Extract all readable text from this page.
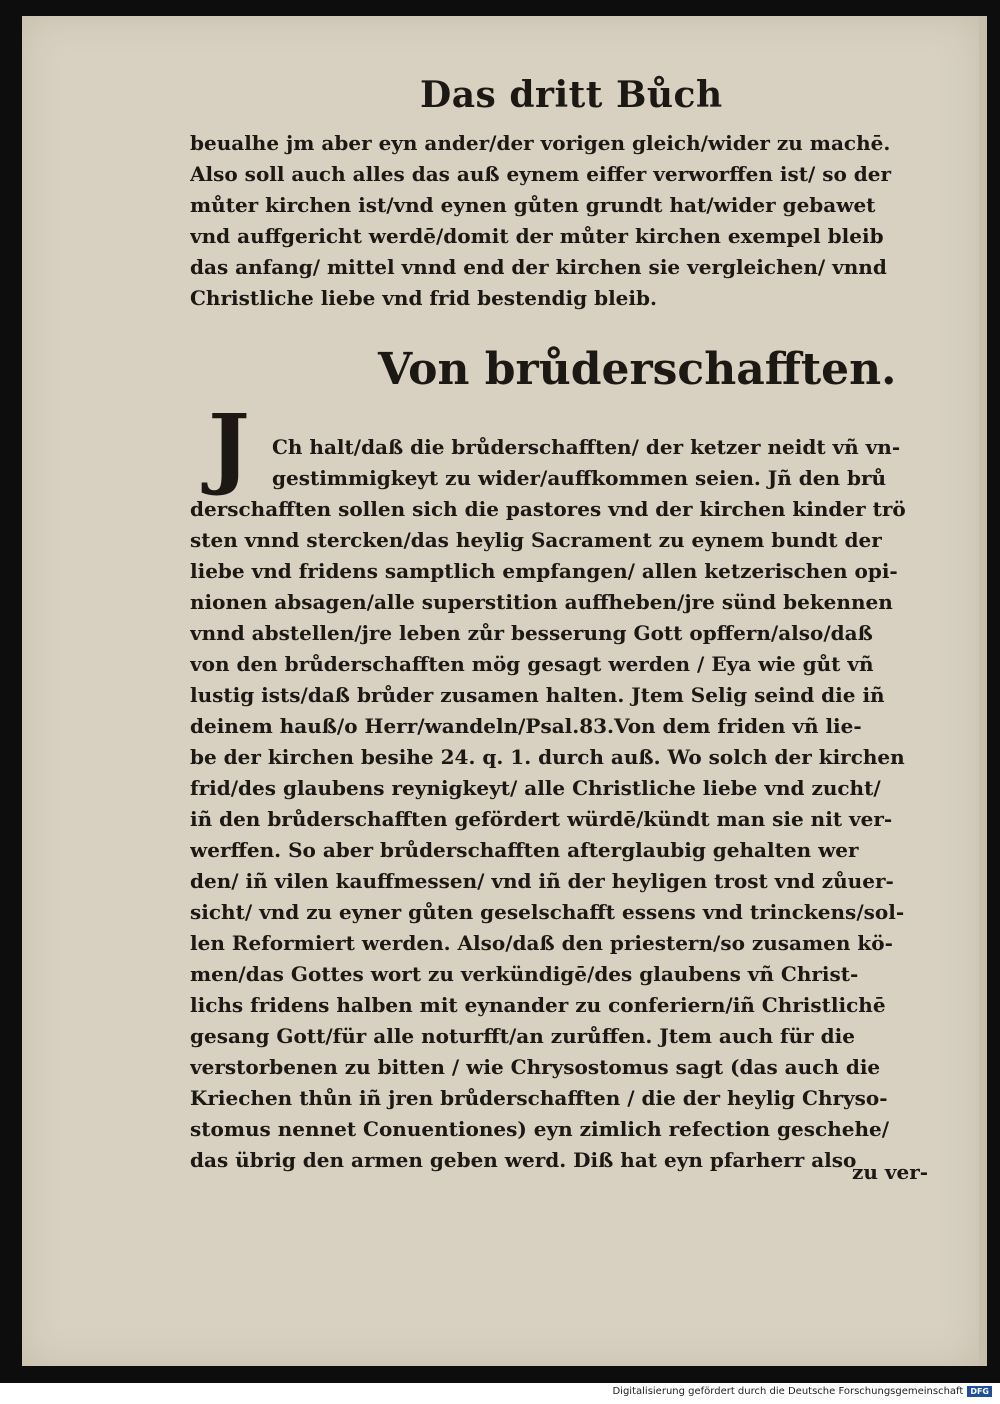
Das dritt Bůch
beualhe jm aber eyn ander/der vorigen gleich/wider zu machē.
Also soll auch alles das auß eynem eiffer verworffen ist/ so der
můter kirchen ist/vnd eynen gůten grundt hat/wider gebawet
vnd auffgericht werdē/domit der můter kirchen exempel bleib
das anfang/ mittel vnnd end der kirchen sie vergleichen/ vnnd
Christliche liebe vnd frid bestendig bleib.
Von brůderschafften.
J	Ch halt/daß die brůderschafften/ der ketzer neidt vñ vn-
gestimmigkeyt zu wider/auffkommen seien. Jñ den brů
derschafften sollen sich die pastores vnd der kirchen kinder trö
sten vnnd stercken/das heylig Sacrament zu eynem bundt der
liebe vnd fridens samptlich empfangen/ allen ketzerischen opi-
nionen absagen/alle superstition auffheben/jre sünd bekennen
vnnd abstellen/jre leben zůr besserung Gott opffern/also/daß
von den brůderschafften mög gesagt werden / Eya wie gůt vñ
lustig ists/daß brůder zusamen halten. Jtem Selig seind die iñ
deinem hauß/o Herr/wandeln/Psal.83.Von dem friden vñ lie-
be der kirchen besihe 24. q. 1. durch auß. Wo solch der kirchen
frid/des glaubens reynigkeyt/ alle Christliche liebe vnd zucht/
iñ den brůderschafften gefördert würdē/kündt man sie nit ver-
werffen. So aber brůderschafften afterglaubig gehalten wer
den/ iñ vilen kauffmessen/ vnd iñ der heyligen trost vnd zůuer-
sicht/ vnd zu eyner gůten geselschafft essens vnd trinckens/sol-
len Reformiert werden. Also/daß den priestern/so zusamen kö-
men/das Gottes wort zu verkündigē/des glaubens vñ Christ-
lichs fridens halben mit eynander zu conferiern/iñ Christlichē
gesang Gott/für alle noturfft/an zurůffen. Jtem auch für die
verstorbenen zu bitten / wie Chrysostomus sagt (das auch die
Kriechen thůn iñ jren brůderschafften / die der heylig Chryso-
stomus nennet Conuentiones) eyn zimlich refection geschehe/
das übrig den armen geben werd. Diß hat eyn pfarherr also
zu ver-
Digitalisierung gefördert durch die Deutsche Forschungsgemeinschaft DFG
